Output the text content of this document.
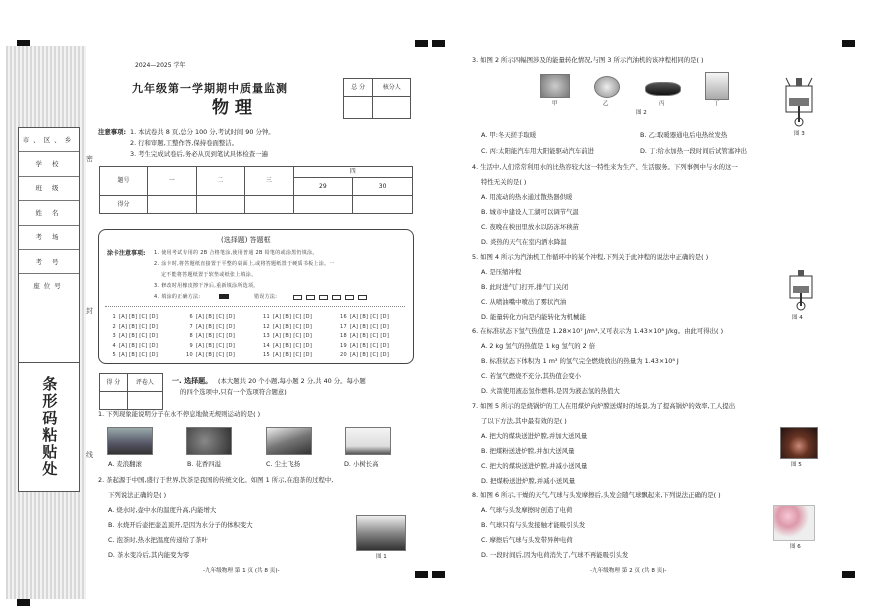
市、区、乡
学 校
班 级
姓 名
考 场
考 号
座位号
条形码粘贴处
密
封
线
2024—2025 学年
九年级第一学期期中质量监测
物 理
总 分	核分人

注意事项: 1. 本试卷共 8 页,总分 100 分,考试时间 90 分钟。
2. 行和审题,工整作答,保持卷面整洁。
3. 考生完成试卷后,务必从页到笔试具体检查一遍
题号	一	二	三	四	
				29	30
得分					
(选择题) 答题框
涂卡注意事项: 1. 使用考试专用的 2B 合格笔涂,使用普通 2B 铅笔的或涂黑仍填涂。
2. 涂卡时,将答题纸直接置于平整的桌面上,或将答题纸置于硬质书板上涂。一
定不能将答题纸置于软垫或纸张上填涂。
3. 修改时用橡皮擦干净后,重新填涂所选项。
4. 填涂的正确方法:	错误方法:
1[A] [B] [C] [D]
2[A] [B] [C] [D]
3[A] [B] [C] [D]
4[A] [B] [C] [D]
5[A] [B] [C] [D]
6[A] [B] [C] [D]
7[A] [B] [C] [D]
8[A] [B] [C] [D]
9[A] [B] [C] [D]
10[A] [B] [C] [D]
11[A] [B] [C] [D]
12[A] [B] [C] [D]
13[A] [B] [C] [D]
14[A] [B] [C] [D]
15[A] [B] [C] [D]
16[A] [B] [C] [D]
17[A] [B] [C] [D]
18[A] [B] [C] [D]
19[A] [B] [C] [D]
20[A] [B] [C] [D]
得 分	评卷人
		一. 选择题。 (本大题共 20 个小题,每小题 2 分,共 40 分。每小题
的四个选项中,只有一个选项符合题意)
1. 下列现象能说明分子在永不停息地做无规则运动的是( )
A. 麦浪翻滚	B. 花香四溢	C. 尘土飞扬	D. 小树长高
2. 茶起源于中国,盛行于世界,饮茶是我国的传统文化。如图 1 所示,在泡茶的过程中,
下列说法正确的是( )
A. 烧水时,壶中水的温度升高,内能增大
B. 水烧开后壶把壶盖顶开,是因为水分子的体积变大
C. 泡茶时,热水把温度传递给了茶叶
D. 茶水变冷后,其内能变为零	图 1
-九年级物理 第 1 页 (共 8 页)-
3. 如图 2 所示四幅图涉及的能量转化情况,与图 3 所示汽油机的该冲程相同的是( )
甲	乙	丙	丁
图 2
图 3
A. 甲:冬天搓手取暖	B. 乙:取暖器通电后电热丝发热
C. 丙:太阳能汽车用大阳能驱动汽车前进	D. 丁:给水加热一段时间后试管塞冲出
4. 生活中,人们常常利用水的比热容较大这一特性来为生产、生活服务。下列事例中与水的这一
特性无关的是( )
A. 用流动的热水通过散热器供暖
B. 城市中建设人工湖可以调节气温
C. 夜晚在秧田里放水以防冻坏秧苗
D. 炎热的天气在室内洒水降温
5. 如图 4 所示为汽油机工作循环中的某个冲程,下列关于此冲程的说法中正确的是( )
A. 是压缩冲程
B. 此时进气门打开,排气门关闭
C. 从喷油嘴中喷出了雾状汽油
D. 能量转化方向是内能转化为机械能	图 4
6. 在标准状态下氢气热值是 1.28×10⁷ J/m³,又可表示为 1.43×10⁸ J/kg。由此可得出( )
A. 2 kg 氢气的热值是 1 kg 氢气的 2 倍
B. 标准状态下体积为 1 m³ 的氢气完全燃烧放出的热量为 1.43×10⁸ J
C. 若氢气燃烧不充分,其热值会变小
D. 火箭使用液态氢作燃料,是因为液态氢的热值大
7. 如图 5 所示的是烧锅炉的工人在用煤炉向炉膛送煤时的场景,为了提高锅炉的效率,工人提出
了以下方法,其中最有效的是( )
A. 把大的煤块送进炉膛,并加大送风量
B. 把煤粉送进炉膛,并加大送风量
C. 把大的煤块送进炉膛,并减小送风量
D. 把煤粉送进炉膛,并减小送风量
图 5
8. 如图 6 所示,干燥的天气,气球与头发摩擦后,头发会随气球飘起来,下列说法正确的是( )
A. 气球与头发摩擦时创造了电荷
B. 气球只有与头发接触才能吸引头发
C. 摩擦后气球与头发带异种电荷
D. 一段时间后,因为电荷消失了,气球不再能吸引头发
图 6
-九年级物理 第 2 页 (共 8 页)-
